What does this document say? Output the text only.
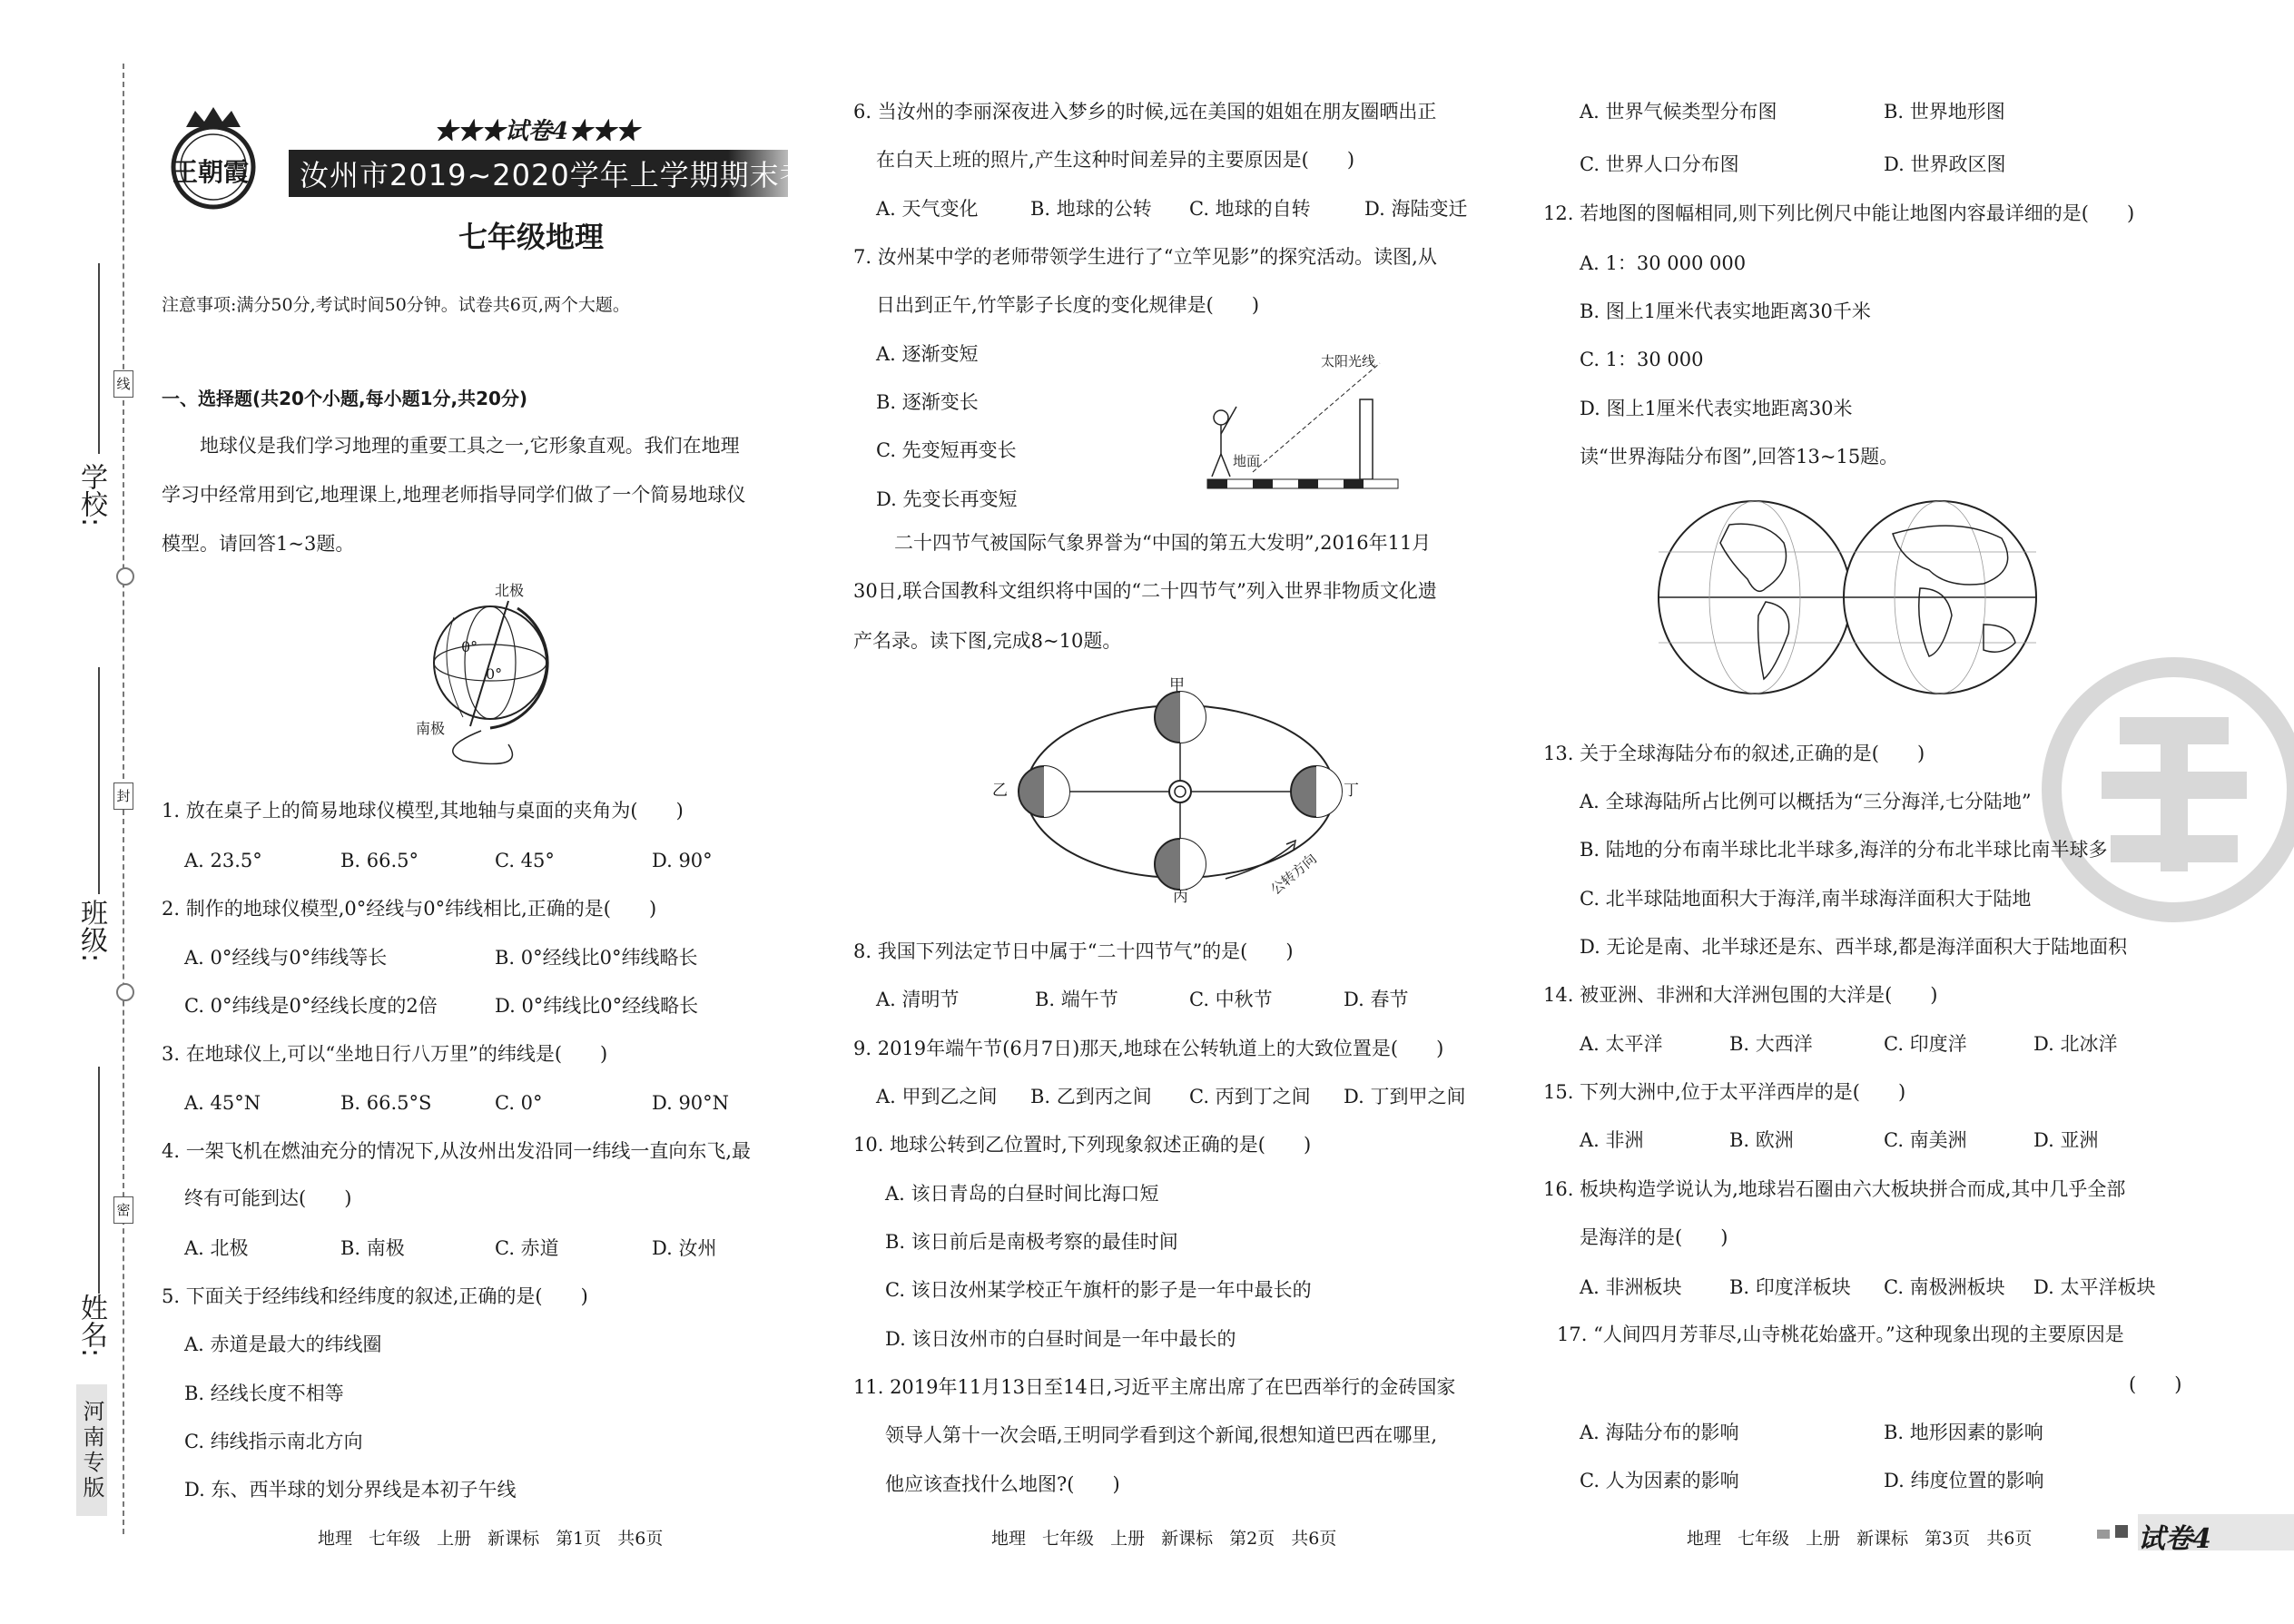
线
封
密
学校:
班级:
姓名:
河南专版
王朝霞
★★★试卷4★★★
汝州市2019~2020学年上学期期末考试试卷
七年级地理
注意事项:满分50分,考试时间50分钟。试卷共6页,两个大题。
一、选择题(共20个小题,每小题1分,共20分)
地球仪是我们学习地理的重要工具之一,它形象直观。我们在地理
学习中经常用到它,地理课上,地理老师指导同学们做了一个简易地球仪
模型。请回答1~3题。
北极
南极
0°
0°
1. 放在桌子上的简易地球仪模型,其地轴与桌面的夹角为(　　)
A. 23.5°	B. 66.5°	C. 45°	D. 90°
2. 制作的地球仪模型,0°经线与0°纬线相比,正确的是(　　)
A. 0°经线与0°纬线等长	B. 0°经线比0°纬线略长
C. 0°纬线是0°经线长度的2倍	D. 0°纬线比0°经线略长
3. 在地球仪上,可以“坐地日行八万里”的纬线是(　　)
A. 45°N	B. 66.5°S	C. 0°	D. 90°N
4. 一架飞机在燃油充分的情况下,从汝州出发沿同一纬线一直向东飞,最
终有可能到达(　　)
A. 北极	B. 南极	C. 赤道	D. 汝州
5. 下面关于经纬线和经纬度的叙述,正确的是(　　)
A. 赤道是最大的纬线圈
B. 经线长度不相等
C. 纬线指示南北方向
D. 东、西半球的划分界线是本初子午线
地理 七年级 上册 新课标 第1页 共6页
6. 当汝州的李丽深夜进入梦乡的时候,远在美国的姐姐在朋友圈晒出正
在白天上班的照片,产生这种时间差异的主要原因是(　　)
A. 天气变化	B. 地球的公转 C. 地球的自转	D. 海陆变迁
7. 汝州某中学的老师带领学生进行了“立竿见影”的探究活动。读图,从
日出到正午,竹竿影子长度的变化规律是(　　)
A. 逐渐变短
B. 逐渐变长
C. 先变短再变长
D. 先变长再变短
太阳光线
地面
二十四节气被国际气象界誉为“中国的第五大发明”,2016年11月
30日,联合国教科文组织将中国的“二十四节气”列入世界非物质文化遗
产名录。读下图,完成8~10题。
甲
乙
丙
丁
公转方向
8. 我国下列法定节日中属于“二十四节气”的是(　　)
A. 清明节	B. 端午节	C. 中秋节	D. 春节
9. 2019年端午节(6月7日)那天,地球在公转轨道上的大致位置是(　　)
A. 甲到乙之间 B. 乙到丙之间 C. 丙到丁之间 D. 丁到甲之间
10. 地球公转到乙位置时,下列现象叙述正确的是(　　)
A. 该日青岛的白昼时间比海口短
B. 该日前后是南极考察的最佳时间
C. 该日汝州某学校正午旗杆的影子是一年中最长的
D. 该日汝州市的白昼时间是一年中最长的
11. 2019年11月13日至14日,习近平主席出席了在巴西举行的金砖国家
领导人第十一次会晤,王明同学看到这个新闻,很想知道巴西在哪里,
他应该查找什么地图?(　　)
地理 七年级 上册 新课标 第2页 共6页
A. 世界气候类型分布图	B. 世界地形图
C. 世界人口分布图	D. 世界政区图
12. 若地图的图幅相同,则下列比例尺中能让地图内容最详细的是(　　)
A. 1：30 000 000
B. 图上1厘米代表实地距离30千米
C. 1：30 000
D. 图上1厘米代表实地距离30米
读“世界海陆分布图”,回答13~15题。
13. 关于全球海陆分布的叙述,正确的是(　　)
A. 全球海陆所占比例可以概括为“三分海洋,七分陆地”
B. 陆地的分布南半球比北半球多,海洋的分布北半球比南半球多
C. 北半球陆地面积大于海洋,南半球海洋面积大于陆地
D. 无论是南、北半球还是东、西半球,都是海洋面积大于陆地面积
14. 被亚洲、非洲和大洋洲包围的大洋是(　　)
A. 太平洋	B. 大西洋	C. 印度洋	D. 北冰洋
15. 下列大洲中,位于太平洋西岸的是(　　)
A. 非洲	B. 欧洲	C. 南美洲	D. 亚洲
16. 板块构造学说认为,地球岩石圈由六大板块拼合而成,其中几乎全部
是海洋的是(　　)
A. 非洲板块 B. 印度洋板块 C. 南极洲板块 D. 太平洋板块
17. “人间四月芳菲尽,山寺桃花始盛开。”这种现象出现的主要原因是
(　　)
A. 海陆分布的影响	B. 地形因素的影响
C. 人为因素的影响	D. 纬度位置的影响
地理 七年级 上册 新课标 第3页 共6页	试卷4
